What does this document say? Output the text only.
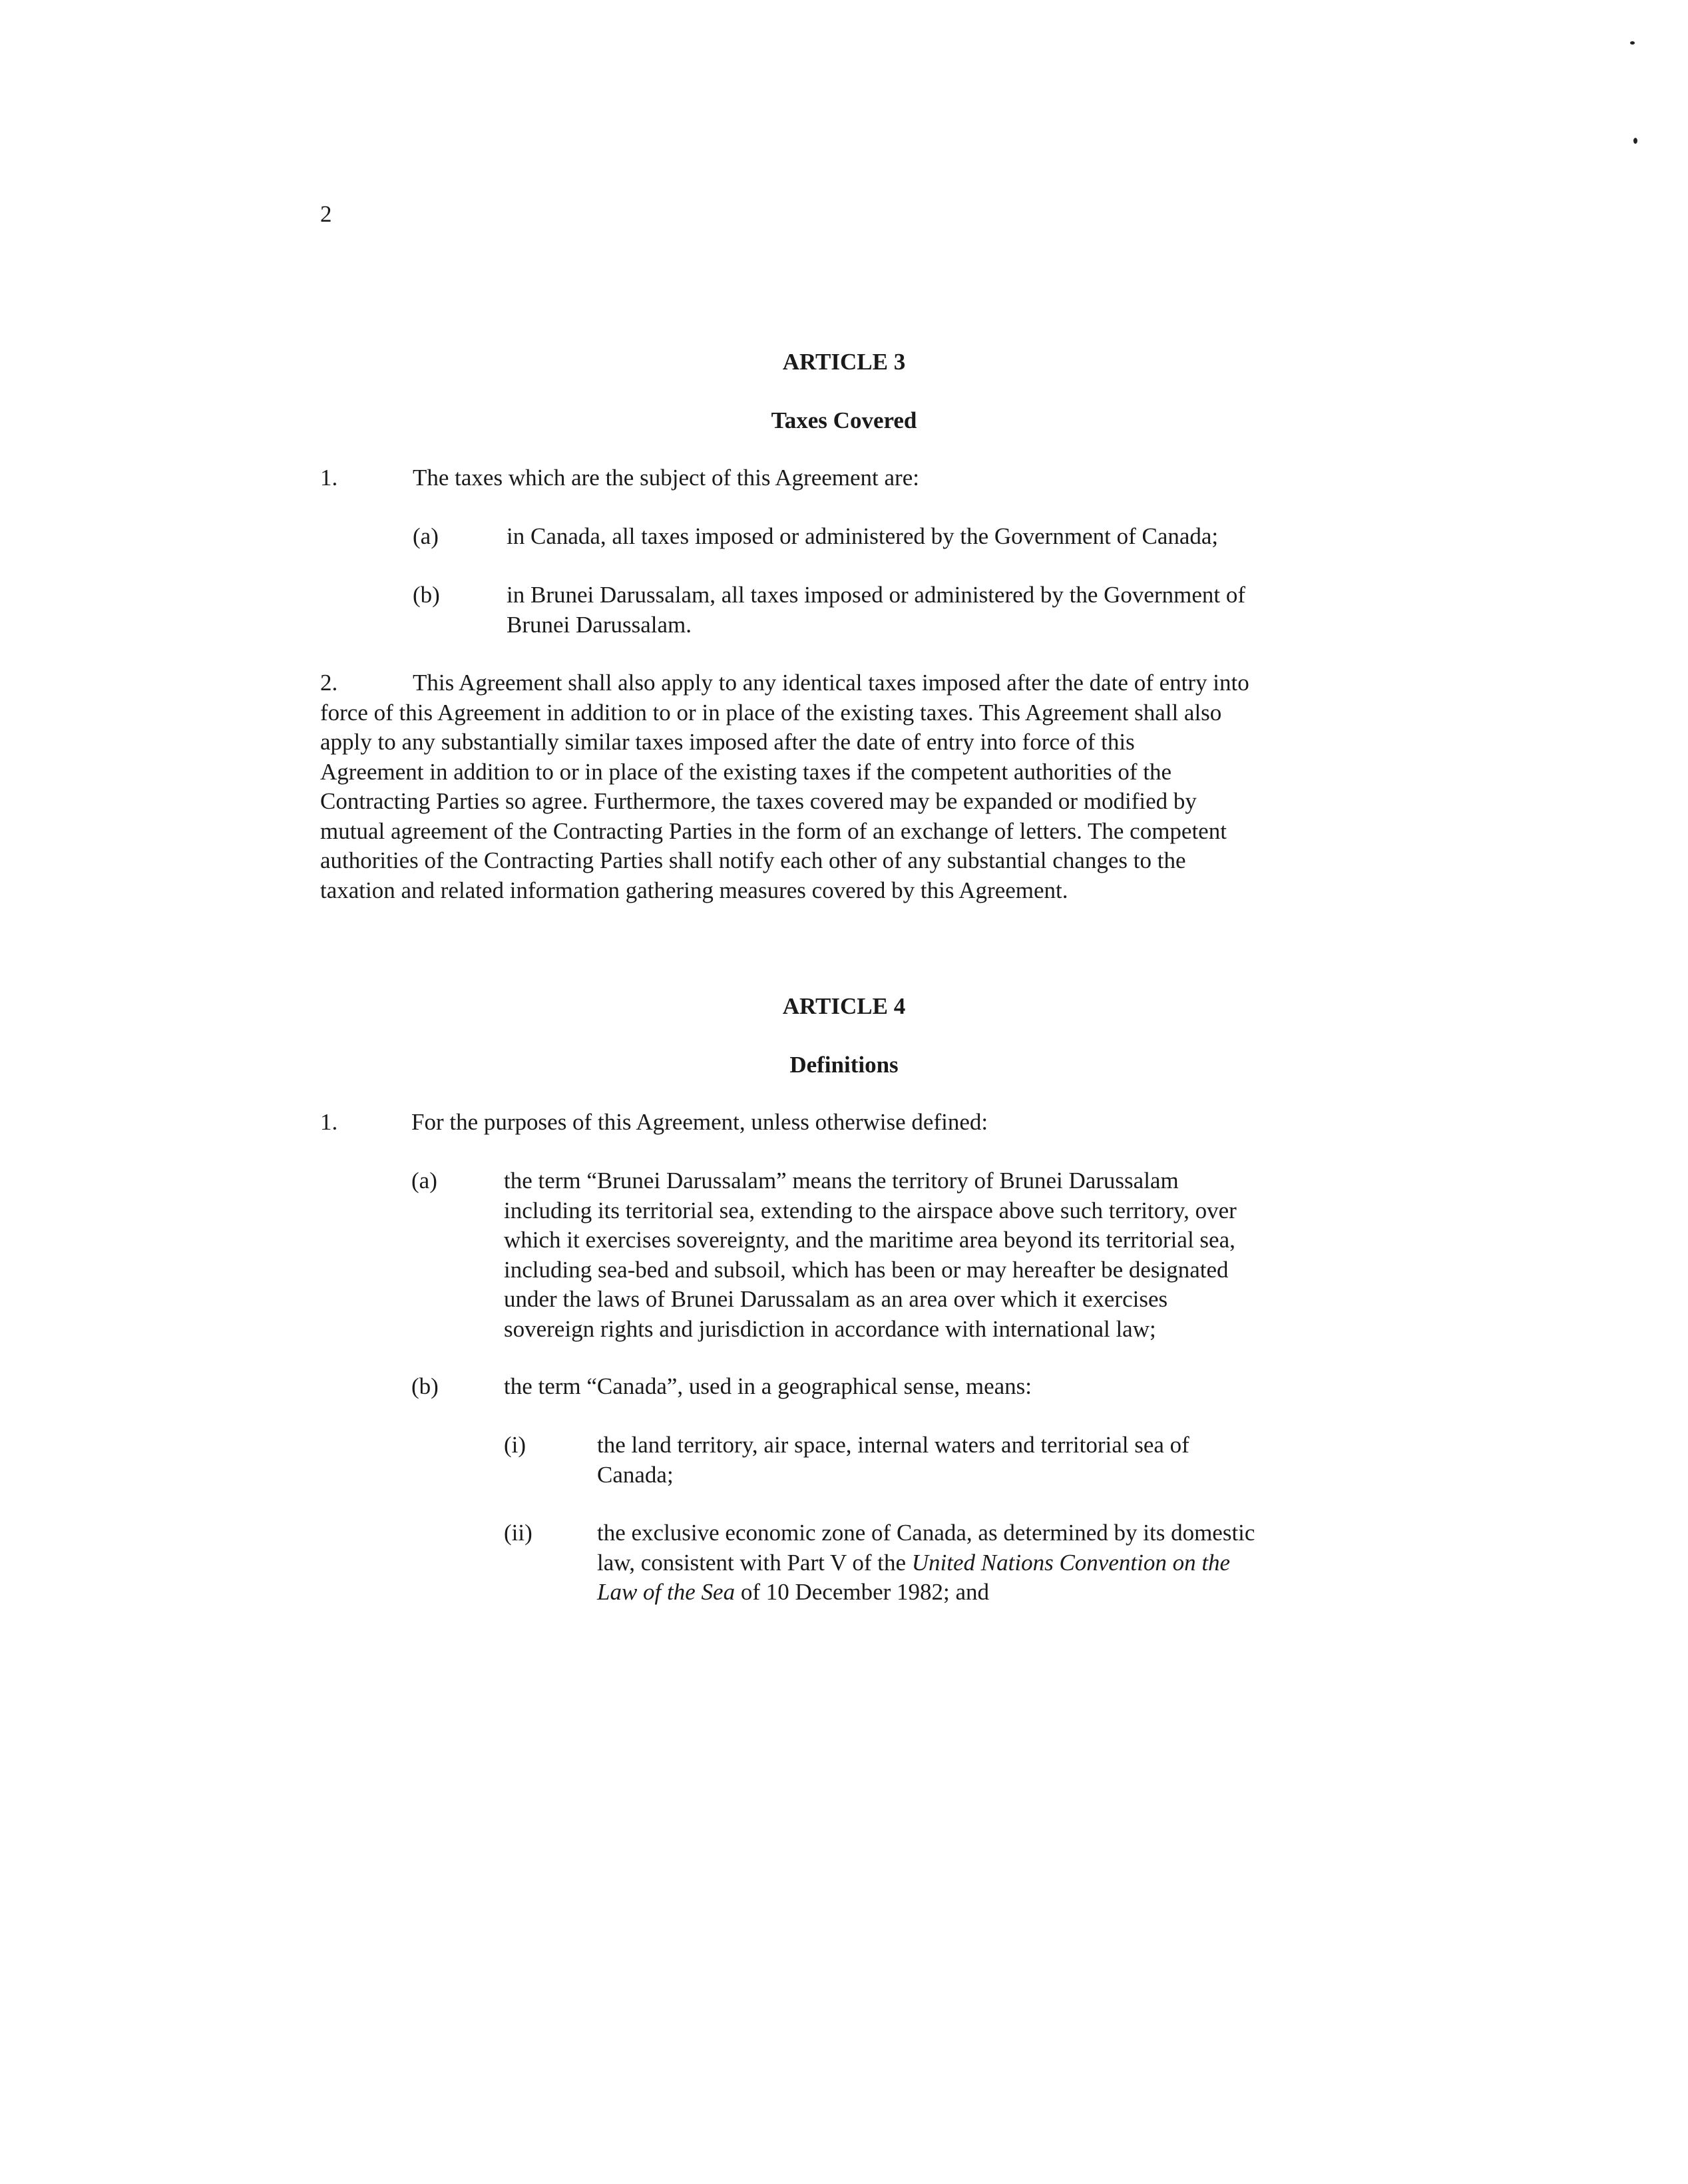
2
ARTICLE 3
Taxes Covered
1.	The taxes which are the subject of this Agreement are:
(a)	in Canada, all taxes imposed or administered by the Government of Canada;
(b)	in Brunei Darussalam, all taxes imposed or administered by the Government of
Brunei Darussalam.
2.	This Agreement shall also apply to any identical taxes imposed after the date of entry into
force of this Agreement in addition to or in place of the existing taxes. This Agreement shall also
apply to any substantially similar taxes imposed after the date of entry into force of this
Agreement in addition to or in place of the existing taxes if the competent authorities of the
Contracting Parties so agree. Furthermore, the taxes covered may be expanded or modified by
mutual agreement of the Contracting Parties in the form of an exchange of letters. The competent
authorities of the Contracting Parties shall notify each other of any substantial changes to the
taxation and related information gathering measures covered by this Agreement.
ARTICLE 4
Definitions
1.	For the purposes of this Agreement, unless otherwise defined:
(a)	the term “Brunei Darussalam” means the territory of Brunei Darussalam
including its territorial sea, extending to the airspace above such territory, over
which it exercises sovereignty, and the maritime area beyond its territorial sea,
including sea-bed and subsoil, which has been or may hereafter be designated
under the laws of Brunei Darussalam as an area over which it exercises
sovereign rights and jurisdiction in accordance with international law;
(b)	the term “Canada”, used in a geographical sense, means:
(i)	the land territory, air space, internal waters and territorial sea of
Canada;
(ii)	the exclusive economic zone of Canada, as determined by its domestic
law, consistent with Part V of the United Nations Convention on the
Law of the Sea of 10 December 1982; and
